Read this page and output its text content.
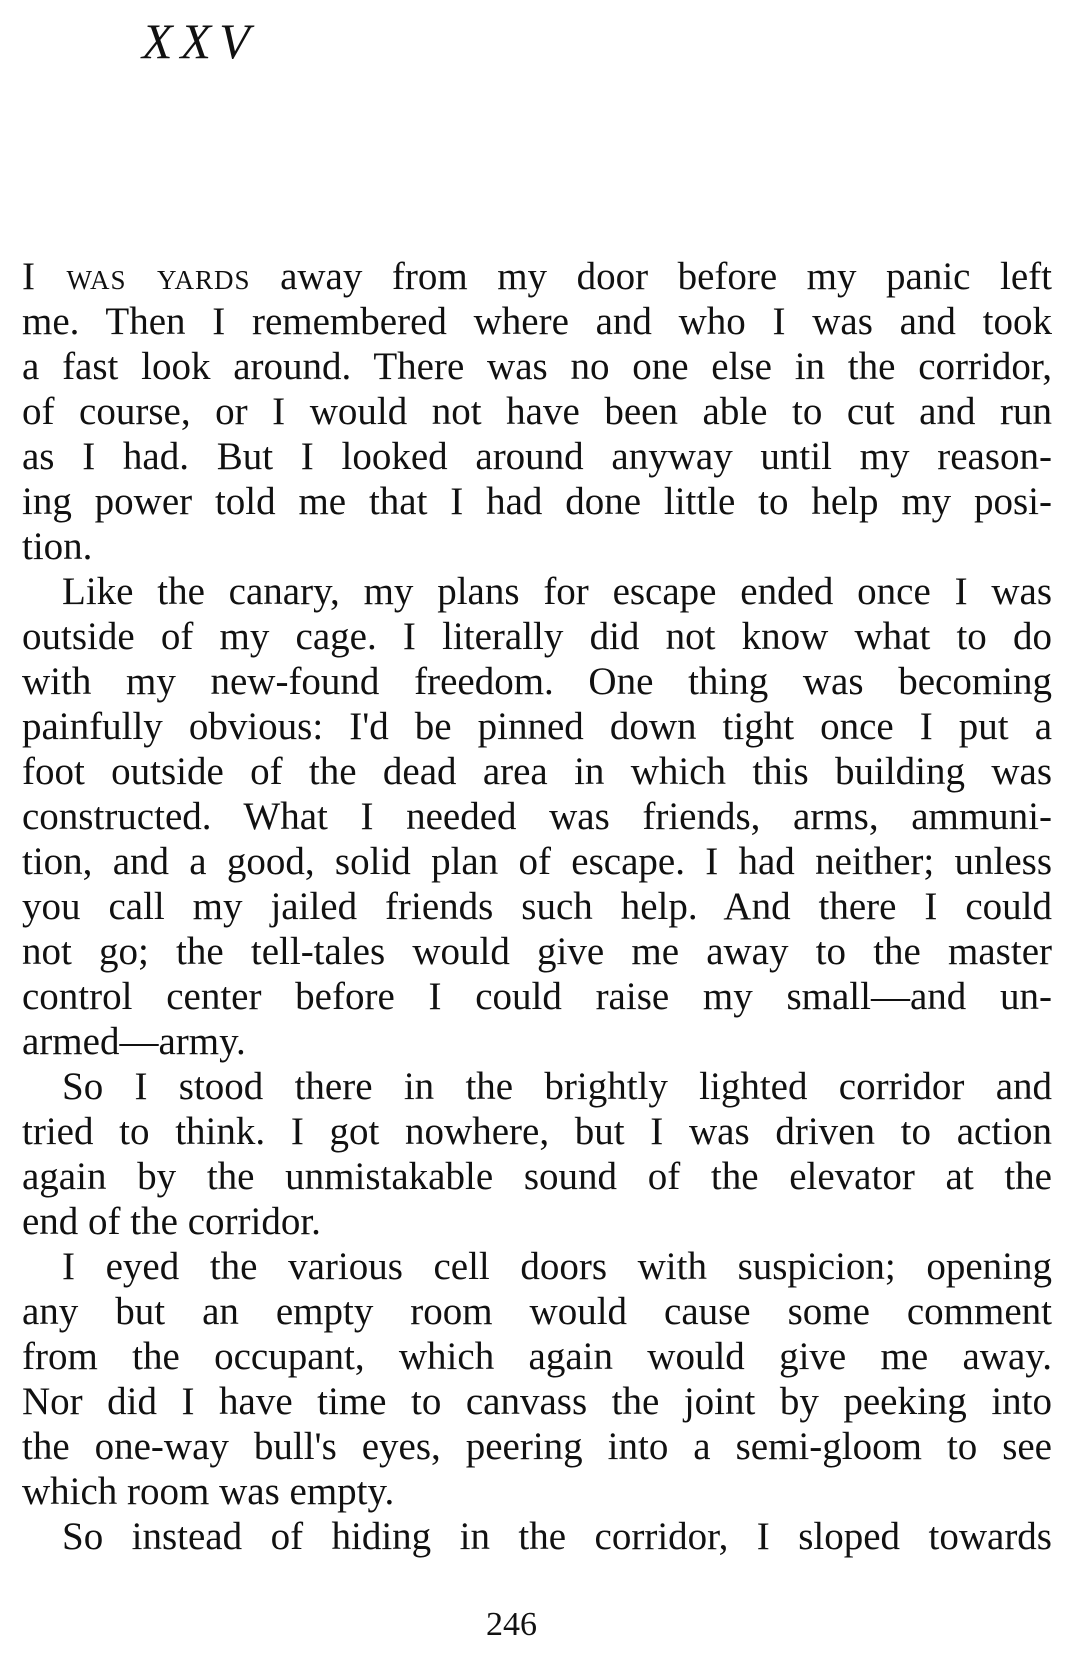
XXV
I was yards away from my door before my panic left
me. Then I remembered where and who I was and took
a fast look around. There was no one else in the corridor,
of course, or I would not have been able to cut and run
as I had. But I looked around anyway until my reason-
ing power told me that I had done little to help my posi-
tion.
Like the canary, my plans for escape ended once I was
outside of my cage. I literally did not know what to do
with my new-found freedom. One thing was becoming
painfully obvious: I'd be pinned down tight once I put a
foot outside of the dead area in which this building was
constructed. What I needed was friends, arms, ammuni-
tion, and a good, solid plan of escape. I had neither; unless
you call my jailed friends such help. And there I could
not go; the tell-tales would give me away to the master
control center before I could raise my small—and un-
armed—army.
So I stood there in the brightly lighted corridor and
tried to think. I got nowhere, but I was driven to action
again by the unmistakable sound of the elevator at the
end of the corridor.
I eyed the various cell doors with suspicion; opening
any but an empty room would cause some comment
from the occupant, which again would give me away.
Nor did I have time to canvass the joint by peeking into
the one-way bull's eyes, peering into a semi-gloom to see
which room was empty.
So instead of hiding in the corridor, I sloped towards
246
